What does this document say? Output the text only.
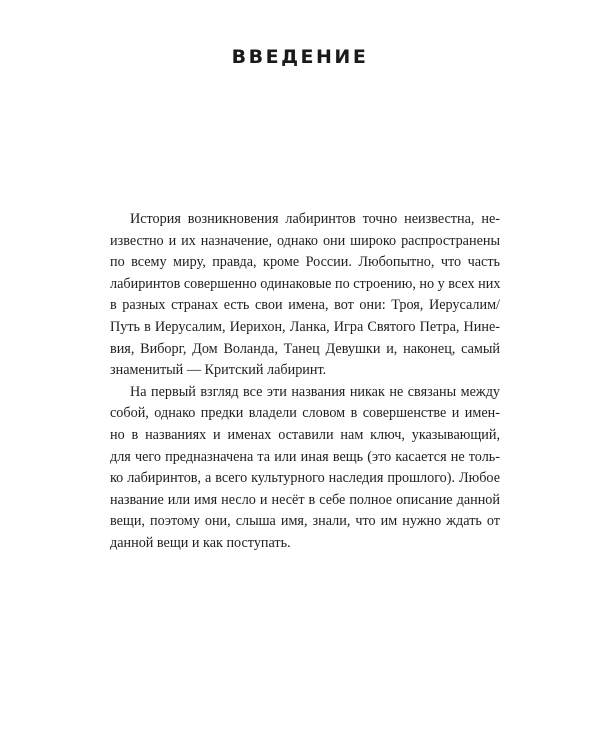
ВВЕДЕНИЕ

История возникновения лабиринтов точно неизвестна, не-
известно и их назначение, однако они широко распространены
по всему миру, правда, кроме России. Любопытно, что часть
лабиринтов совершенно одинаковые по строению, но у всех них
в разных странах есть свои имена, вот они: Троя, Иерусалим/
Путь в Иерусалим, Иерихон, Ланка, Игра Святого Петра, Нине-
вия, Виборг, Дом Воланда, Танец Девушки и, наконец, самый
знаменитый — Критский лабиринт.

На первый взгляд все эти названия никак не связаны между
собой, однако предки владели словом в совершенстве и имен-
но в названиях и именах оставили нам ключ, указывающий,
для чего предназначена та или иная вещь (это касается не толь-
ко лабиринтов, а всего культурного наследия прошлого). Любое
название или имя несло и несёт в себе полное описание данной
вещи, поэтому они, слыша имя, знали, что им нужно ждать от
данной вещи и как поступать.
